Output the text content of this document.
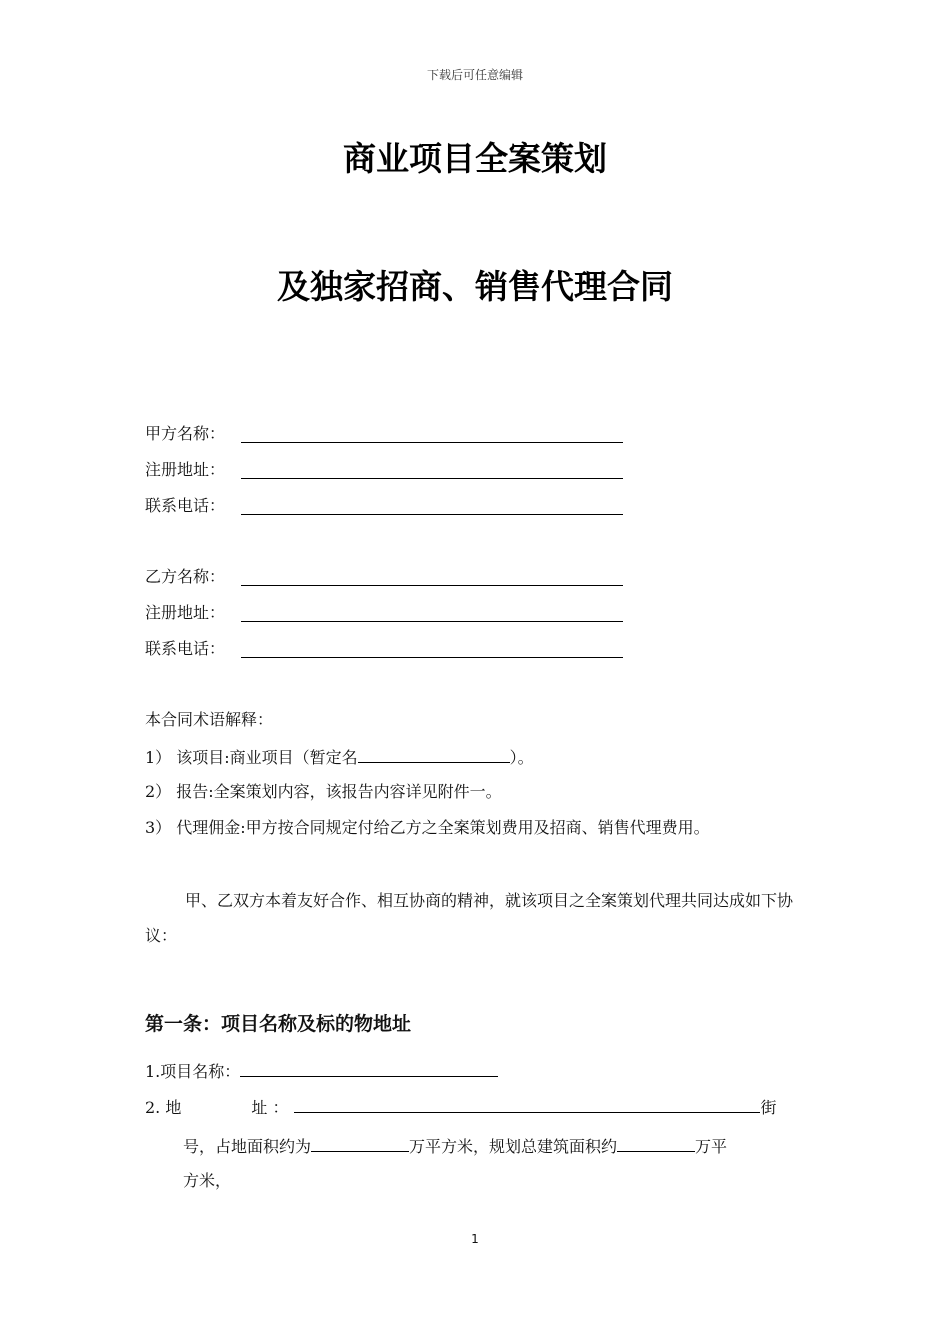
下载后可任意编辑
商业项目全案策划
及独家招商、销售代理合同
甲方名称：
注册地址：
联系电话：
乙方名称：
注册地址：
联系电话：
本合同术语解释：
1） 该项目:商业项目（暂定名	）。
2） 报告:全案策划内容，该报告内容详见附件一。
3） 代理佣金:甲方按合同规定付给乙方之全案策划费用及招商、销售代理费用。
甲、乙双方本着友好合作、相互协商的精神，就该项目之全案策划代理共同达成如下协议：
第一条：项目名称及标的物地址
1.项目名称：
2. 地	址 ：	街
号，占地面积约为	万平方米，规划总建筑面积约	万平
方米，
1
